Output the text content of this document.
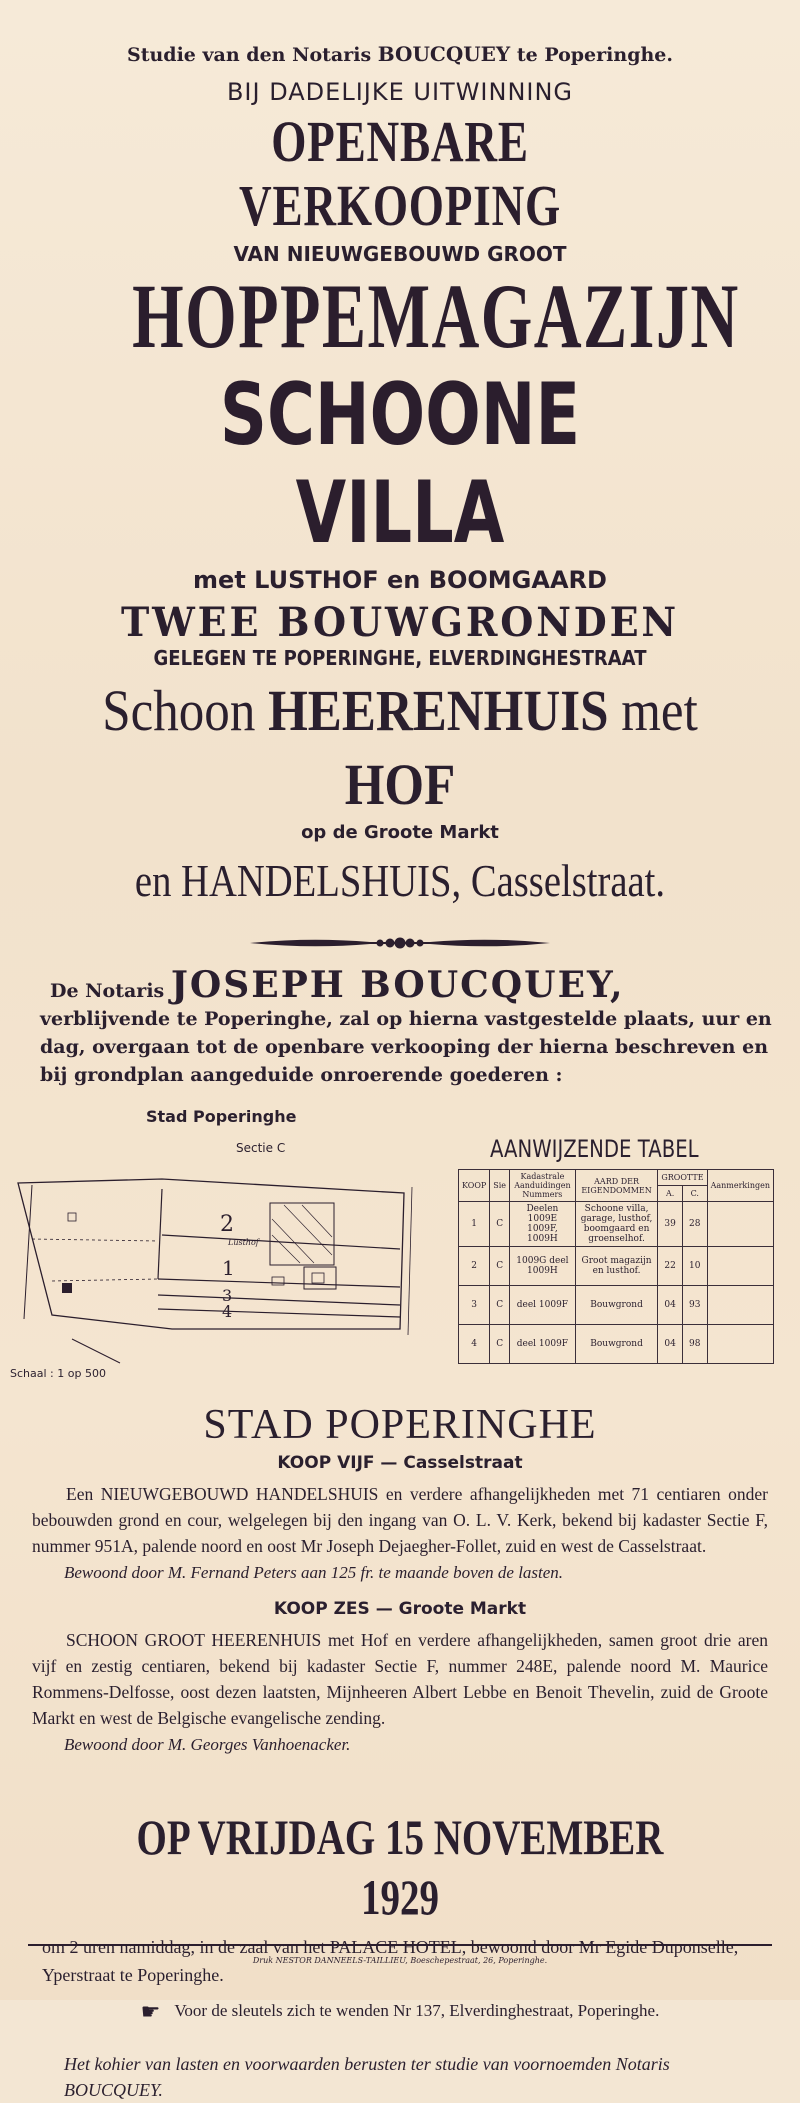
Studie van den Notaris BOUCQUEY te Poperinghe.
BIJ DADELIJKE UITWINNING
OPENBARE VERKOOPING
VAN NIEUWGEBOUWD GROOT
HOPPEMAGAZIJN
SCHOONE VILLA
met LUSTHOF en BOOMGAARD
TWEE BOUWGRONDEN
GELEGEN TE POPERINGHE, ELVERDINGHESTRAAT
Schoon HEERENHUIS met HOF
op de Groote Markt
en HANDELSHUIS, Casselstraat.
De Notaris JOSEPH BOUCQUEY,
verblijvende te Poperinghe, zal op hierna vastgestelde plaats, uur en dag, overgaan tot de openbare verkooping der hierna beschreven en bij grondplan aangeduide onroerende goederen :
Stad Poperinghe
Sectie C
2
Lusthof
1
3
4
Schaal : 1 op 500
AANWIJZENDE TABEL
KOOP	Sie	Kadastrale Aanduidingen Nummers	AARD DER EIGENDOMMEN	GROOTTE		Aanmerkingen
				A.	C.	
1	C	Deelen 1009E 1009F, 1009H	Schoone villa, garage, lusthof, boomgaard en groenselhof.	39	28	
2	C	1009G deel 1009H	Groot magazijn en lusthof.	22	10	
3	C	deel 1009F	Bouwgrond	04	93	
4	C	deel 1009F	Bouwgrond	04	98	
STAD POPERINGHE
KOOP VIJF — Casselstraat

Een NIEUWGEBOUWD HANDELSHUIS en verdere afhangelijkheden met 71 centiaren onder bebouwden grond en cour, welgelegen bij den ingang van O. L. V. Kerk, bekend bij kadaster Sectie F, nummer 951A, palende noord en oost Mr Joseph Dejaegher-Follet, zuid en west de Casselstraat.

Bewoond door M. Fernand Peters aan 125 fr. te maande boven de lasten.
KOOP ZES — Groote Markt

SCHOON GROOT HEERENHUIS met Hof en verdere afhangelijkheden, samen groot drie aren vijf en zestig centiaren, bekend bij kadaster Sectie F, nummer 248E, palende noord M. Maurice Rommens-Delfosse, oost dezen laatsten, Mijnheeren Albert Lebbe en Benoit Thevelin, zuid de Groote Markt en west de Belgische evangelische zending.

Bewoond door M. Georges Vanhoenacker.
OP VRIJDAG 15 NOVEMBER 1929
om 2 uren namiddag, in de zaal van het PALACE HOTEL, bewoond door Mr Egide Duponselle, Yperstraat te Poperinghe.
☛ Voor de sleutels zich te wenden Nr 137, Elverdinghestraat, Poperinghe.
Het kohier van lasten en voorwaarden berusten ter studie van voornoemden Notaris BOUCQUEY.
Druk NESTOR DANNEELS-TAILLIEU, Boeschepestraat, 26, Poperinghe.
